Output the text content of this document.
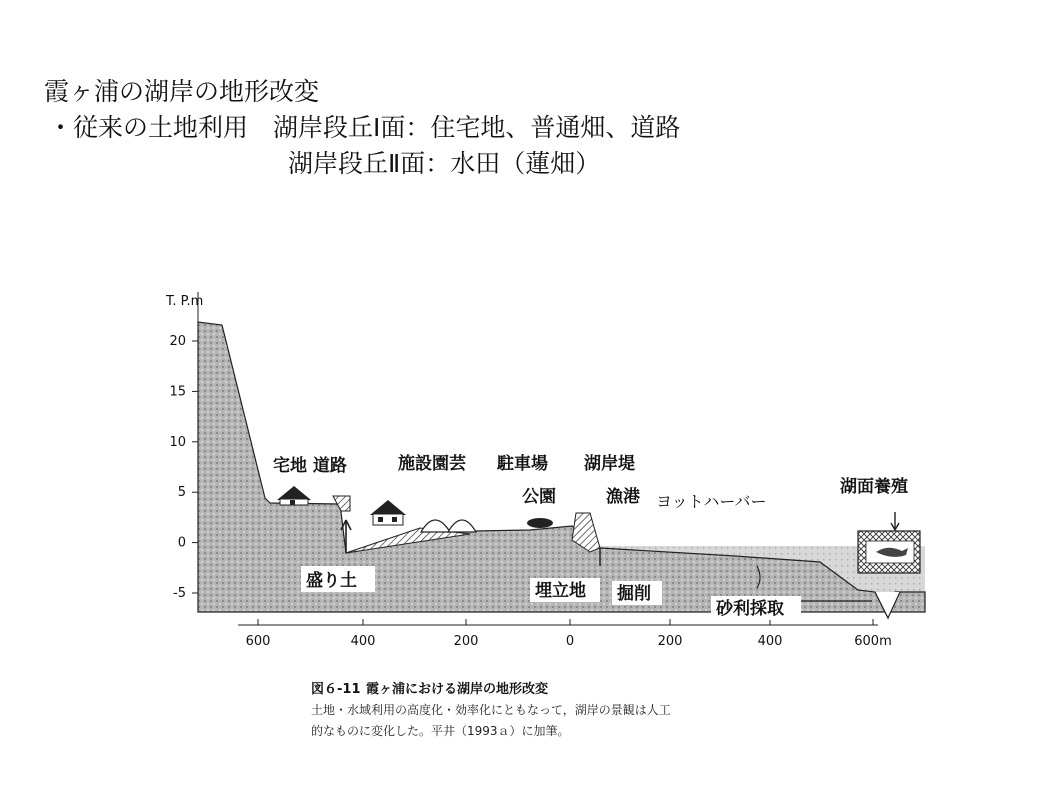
霞ヶ浦の湖岸の地形改変
・従来の土地利用　湖岸段丘Ⅰ面：住宅地、普通畑、道路
湖岸段丘Ⅱ面：水田（蓮畑）
20
15
10
5
0
-5
T. P.m
600	400	200	0	200	400	600m
宅地 道路	施設園芸 駐車場 湖岸堤
公園	漁港 ヨットハーバー
湖面養殖
盛り土	埋立地 掘削
砂利採取
図６-11 霞ヶ浦における湖岸の地形改変
土地・水域利用の高度化・効率化にともなって，湖岸の景観は人工
的なものに変化した。平井（1993ａ）に加筆。
